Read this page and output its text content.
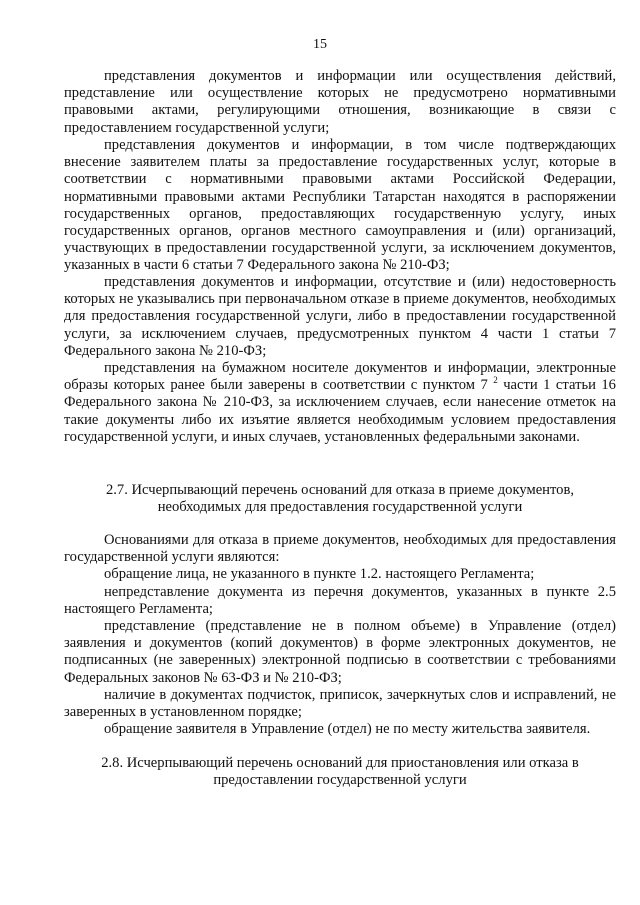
15

представления документов и информации или осуществления действий, представление или осуществление которых не предусмотрено нормативными правовыми актами, регулирующими отношения, возникающие в связи с предоставлением государственной услуги;

представления документов и информации, в том числе подтверждающих внесение заявителем платы за предоставление государственных услуг, которые в соответствии с нормативными правовыми актами Российской Федерации, нормативными правовыми актами Республики Татарстан находятся в распоряжении государственных органов, предоставляющих государственную услугу, иных государственных органов, органов местного самоуправления и (или) организаций, участвующих в предоставлении государственной услуги, за исключением документов, указанных в части 6 статьи 7 Федерального закона № 210-ФЗ;

представления документов и информации, отсутствие и (или) недостоверность которых не указывались при первоначальном отказе в приеме документов, необходимых для предоставления государственной услуги, либо в предоставлении государственной услуги, за исключением случаев, предусмотренных пунктом 4 части 1 статьи 7 Федерального закона № 210-ФЗ;

представления на бумажном носителе документов и информации, электронные образы которых ранее были заверены в соответствии с пунктом 7 $^2$ части 1 статьи 16 Федерального закона № 210-ФЗ, за исключением случаев, если нанесение отметок на такие документы либо их изъятие является необходимым условием предоставления государственной услуги, и иных случаев, установленных федеральными законами.

2.7. Исчерпывающий перечень оснований для отказа в приеме документов,

необходимых для предоставления государственной услуги

Основаниями для отказа в приеме документов, необходимых для предоставления государственной услуги являются:

обращение лица, не указанного в пункте 1.2. настоящего Регламента;

непредставление документа из перечня документов, указанных в пункте 2.5 настоящего Регламента;

представление (представление не в полном объеме) в Управление (отдел) заявления и документов (копий документов) в форме электронных документов, не подписанных (не заверенных) электронной подписью в соответствии с требованиями Федеральных законов № 63-ФЗ и № 210-ФЗ;

наличие в документах подчисток, приписок, зачеркнутых слов и исправлений, не заверенных в установленном порядке;

обращение заявителя в Управление (отдел) не по месту жительства заявителя.

2.8. Исчерпывающий перечень оснований для приостановления или отказа в

предоставлении государственной услуги
